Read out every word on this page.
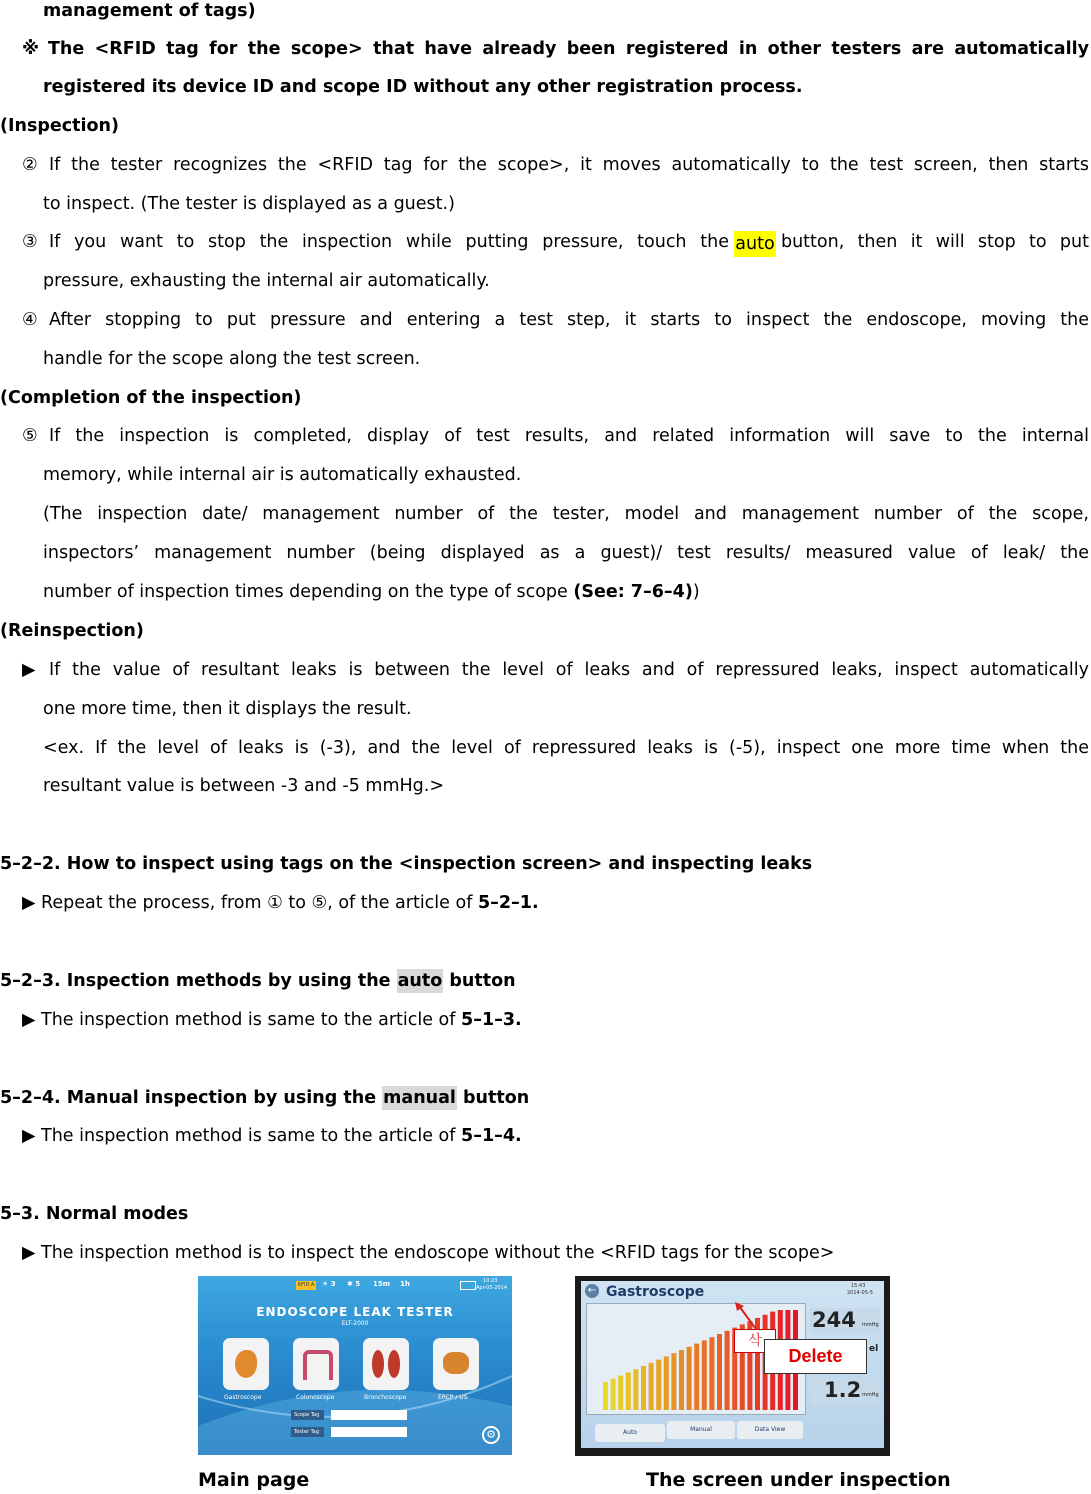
management of tags)
※ The <RFID tag for the scope> that have already been registered in other testers are automatically
registered its device ID and scope ID without any other registration process.
(Inspection)
② If the tester recognizes the <RFID tag for the scope>, it moves automatically to the test screen, then starts
to inspect. (The tester is displayed as a guest.)
③ If you want to stop the inspection while putting pressure, touch the auto button, then it will stop to put
pressure, exhausting the internal air automatically.
④ After stopping to put pressure and entering a test step, it starts to inspect the endoscope, moving the
handle for the scope along the test screen.
(Completion of the inspection)
⑤ If the inspection is completed, display of test results, and related information will save to the internal
memory, while internal air is automatically exhausted.
(The inspection date/ management number of the tester, model and management number of the scope,
inspectors’ management number (being displayed as a guest)/ test results/ measured value of leak/ the
number of inspection times depending on the type of scope (See: 7–6–4))
(Reinspection)
▶ If the value of resultant leaks is between the level of leaks and of repressured leaks, inspect automatically
one more time, then it displays the result.
<ex. If the level of leaks is (-3), and the level of repressured leaks is (-5), inspect one more time when the
resultant value is between -3 and -5 mmHg.>
5–2–2. How to inspect using tags on the <inspection screen> and inspecting leaks
▶ Repeat the process, from ① to ⑤, of the article of 5–2–1.
5–2–3. Inspection methods by using the auto button
▶ The inspection method is same to the article of 5–1–3.
5–2–4. Manual inspection by using the manual button
▶ The inspection method is same to the article of 5–1–4.
5–3. Normal modes
▶ The inspection method is to inspect the endoscope without the <RFID tags for the scope>
RFID A ☀ 3 ✱ 5 15m 1h	10:23
Apr-05-2014
ENDOSCOPE LEAK TESTER
ELT-2000
Gastroscope	Colonoscope	Bronchoscope	ERCP / US
Scope Tag
Tester Tag	⚙
← Gastroscope	15:43
2014-05-5
244 mmHg
el
1.2 mmHg
삭
Delete
Auto	Manual	Data View
Main page	The screen under inspection
